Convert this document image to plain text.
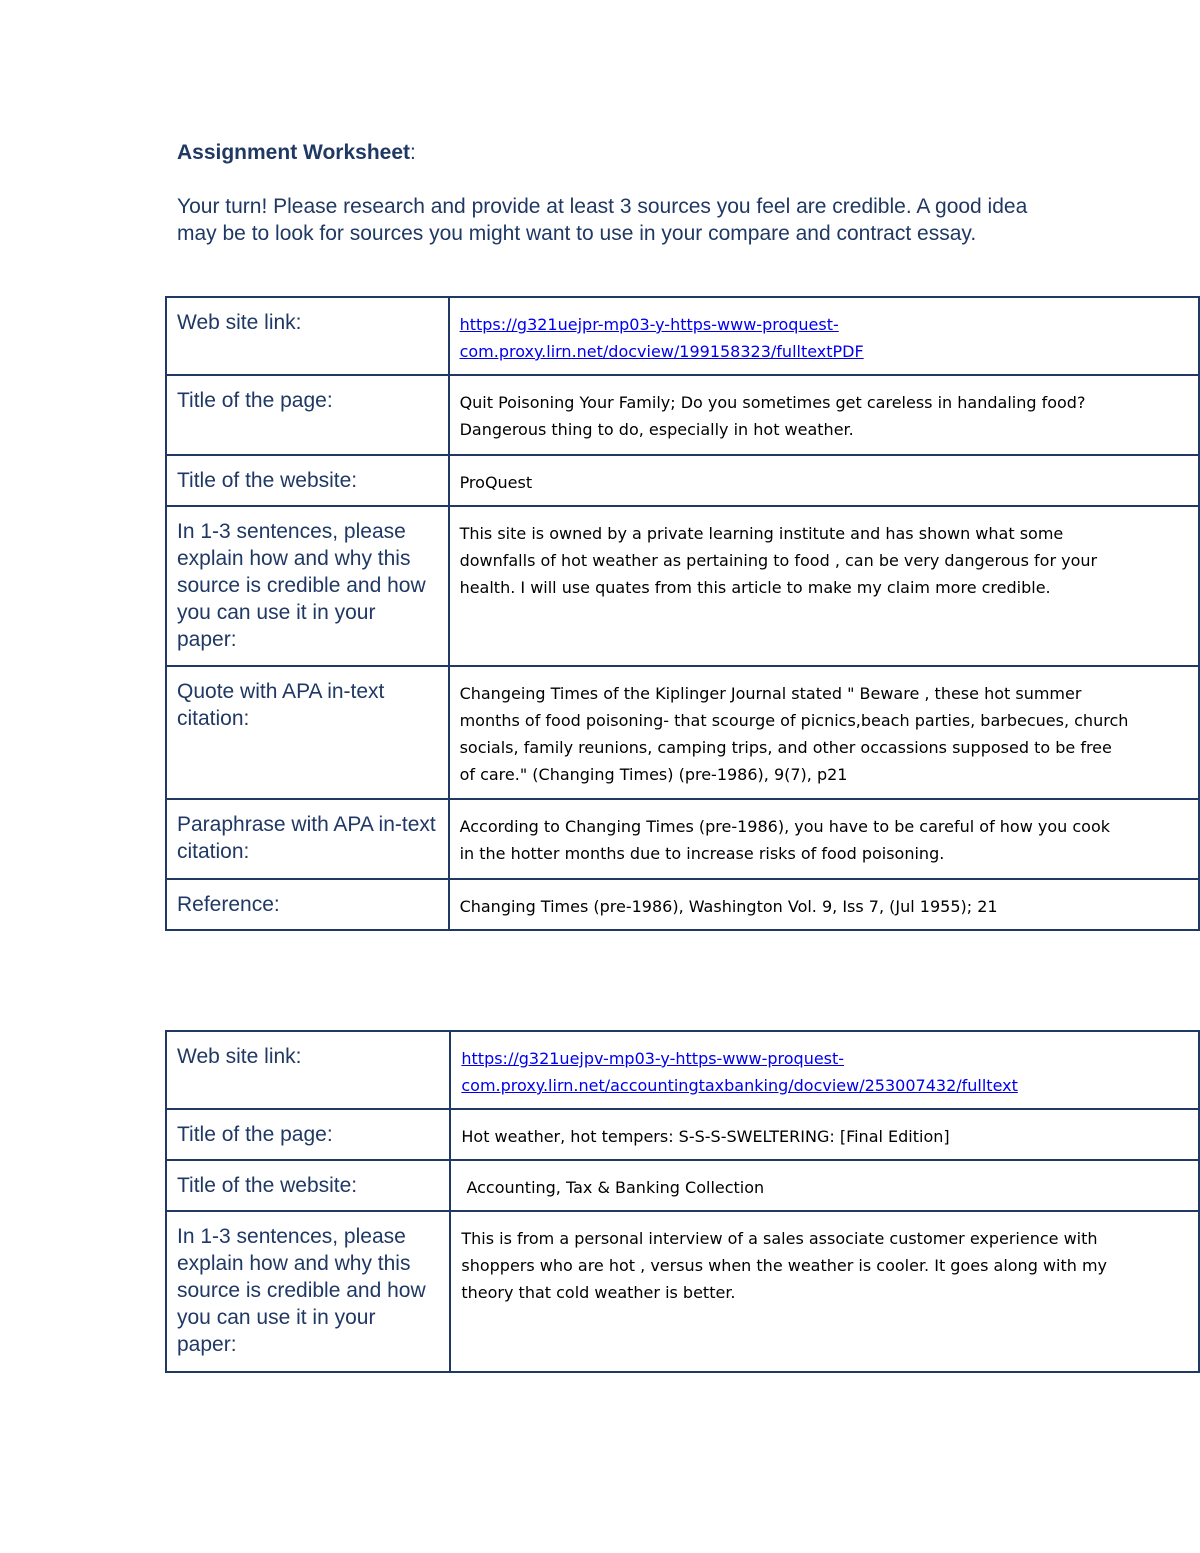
Assignment Worksheet:
Your turn! Please research and provide at least 3 sources you feel are credible. A good idea may be to look for sources you might want to use in your compare and contract essay.
Web site link:	https://g321uejpr-mp03-y-https-www-proquest-
com.proxy.lirn.net/docview/199158323/fulltextPDF

Title of the page:	Quit Poisoning Your Family; Do you sometimes get careless in handaling food?
Dangerous thing to do, especially in hot weather.

Title of the website:	ProQuest

In 1-3 sentences, please explain how and why this source is credible and how you can use it in your paper:	This site is owned by a private learning institute and has shown what some
downfalls of hot weather as pertaining to food , can be very dangerous for your
health. I will use quates from this article to make my claim more credible.

Quote with APA in-text citation:	Changeing Times of the Kiplinger Journal stated " Beware , these hot summer
months of food poisoning- that scourge of picnics,beach parties, barbecues, church
socials, family reunions, camping trips, and other occassions supposed to be free
of care." (Changing Times) (pre-1986), 9(7), p21

Paraphrase with APA in-text citation:	According to Changing Times (pre-1986), you have to be careful of how you cook
in the hotter months due to increase risks of food poisoning.

Reference:	Changing Times (pre-1986), Washington Vol. 9, Iss 7, (Jul 1955); 21
Web site link:	https://g321uejpv-mp03-y-https-www-proquest-
com.proxy.lirn.net/accountingtaxbanking/docview/253007432/fulltext

Title of the page:	Hot weather, hot tempers: S-S-S-SWELTERING: [Final Edition]

Title of the website:	Accounting, Tax & Banking Collection

In 1-3 sentences, please explain how and why this source is credible and how you can use it in your paper:	This is from a personal interview of a sales associate customer experience with
shoppers who are hot , versus when the weather is cooler. It goes along with my
theory that cold weather is better.
